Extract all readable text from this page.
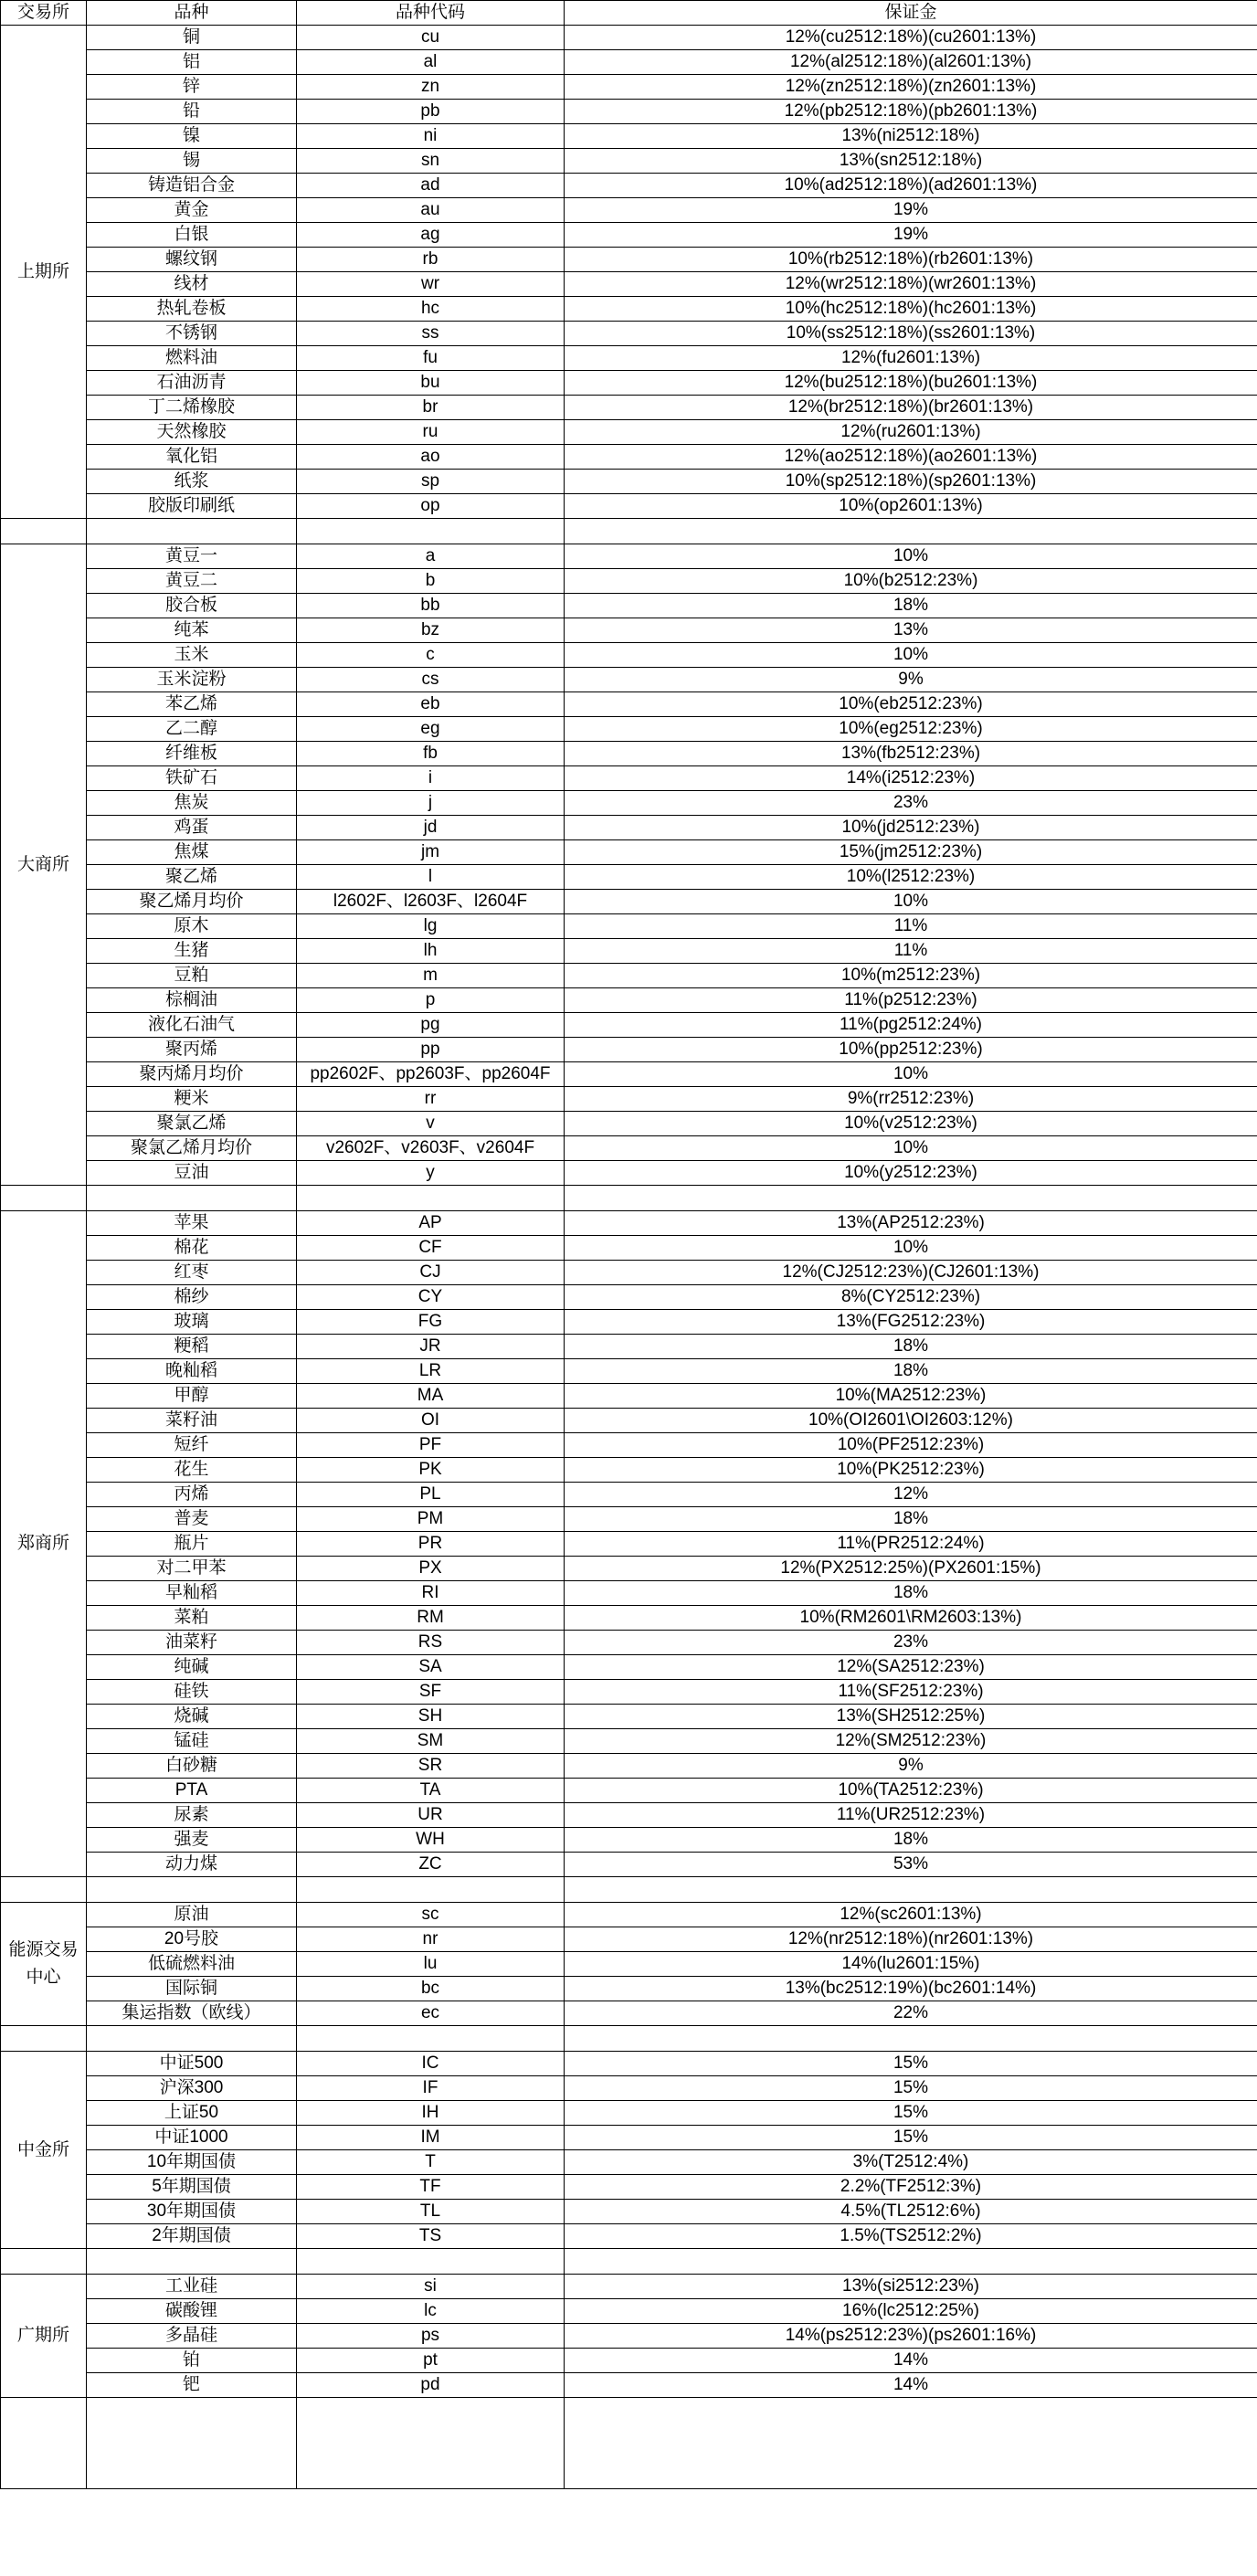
交易所	品种	品种代码	保证金
上期所	铜	cu	12%(cu2512:18%)(cu2601:13%)
	铝	al	12%(al2512:18%)(al2601:13%)
	锌	zn	12%(zn2512:18%)(zn2601:13%)
	铅	pb	12%(pb2512:18%)(pb2601:13%)
	镍	ni	13%(ni2512:18%)
	锡	sn	13%(sn2512:18%)
	铸造铝合金	ad	10%(ad2512:18%)(ad2601:13%)
	黄金	au	19%
	白银	ag	19%
	螺纹钢	rb	10%(rb2512:18%)(rb2601:13%)
	线材	wr	12%(wr2512:18%)(wr2601:13%)
	热轧卷板	hc	10%(hc2512:18%)(hc2601:13%)
	不锈钢	ss	10%(ss2512:18%)(ss2601:13%)
	燃料油	fu	12%(fu2601:13%)
	石油沥青	bu	12%(bu2512:18%)(bu2601:13%)
	丁二烯橡胶	br	12%(br2512:18%)(br2601:13%)
	天然橡胶	ru	12%(ru2601:13%)
	氧化铝	ao	12%(ao2512:18%)(ao2601:13%)
	纸浆	sp	10%(sp2512:18%)(sp2601:13%)
	胶版印刷纸	op	10%(op2601:13%)

大商所	黄豆一	a	10%
	黄豆二	b	10%(b2512:23%)
	胶合板	bb	18%
	纯苯	bz	13%
	玉米	c	10%
	玉米淀粉	cs	9%
	苯乙烯	eb	10%(eb2512:23%)
	乙二醇	eg	10%(eg2512:23%)
	纤维板	fb	13%(fb2512:23%)
	铁矿石	i	14%(i2512:23%)
	焦炭	j	23%
	鸡蛋	jd	10%(jd2512:23%)
	焦煤	jm	15%(jm2512:23%)
	聚乙烯	l	10%(l2512:23%)
	聚乙烯月均价	l2602F、l2603F、l2604F	10%
	原木	lg	11%
	生猪	lh	11%
	豆粕	m	10%(m2512:23%)
	棕榈油	p	11%(p2512:23%)
	液化石油气	pg	11%(pg2512:24%)
	聚丙烯	pp	10%(pp2512:23%)
	聚丙烯月均价	pp2602F、pp2603F、pp2604F	10%
	粳米	rr	9%(rr2512:23%)
	聚氯乙烯	v	10%(v2512:23%)
	聚氯乙烯月均价	v2602F、v2603F、v2604F	10%
	豆油	y	10%(y2512:23%)

郑商所	苹果	AP	13%(AP2512:23%)
	棉花	CF	10%
	红枣	CJ	12%(CJ2512:23%)(CJ2601:13%)
	棉纱	CY	8%(CY2512:23%)
	玻璃	FG	13%(FG2512:23%)
	粳稻	JR	18%
	晚籼稻	LR	18%
	甲醇	MA	10%(MA2512:23%)
	菜籽油	OI	10%(OI2601\OI2603:12%)
	短纤	PF	10%(PF2512:23%)
	花生	PK	10%(PK2512:23%)
	丙烯	PL	12%
	普麦	PM	18%
	瓶片	PR	11%(PR2512:24%)
	对二甲苯	PX	12%(PX2512:25%)(PX2601:15%)
	早籼稻	RI	18%
	菜粕	RM	10%(RM2601\RM2603:13%)
	油菜籽	RS	23%
	纯碱	SA	12%(SA2512:23%)
	硅铁	SF	11%(SF2512:23%)
	烧碱	SH	13%(SH2512:25%)
	锰硅	SM	12%(SM2512:23%)
	白砂糖	SR	9%
	PTA	TA	10%(TA2512:23%)
	尿素	UR	11%(UR2512:23%)
	强麦	WH	18%
	动力煤	ZC	53%

能源交易中心	原油	sc	12%(sc2601:13%)
	20号胶	nr	12%(nr2512:18%)(nr2601:13%)
	低硫燃料油	lu	14%(lu2601:15%)
	国际铜	bc	13%(bc2512:19%)(bc2601:14%)
	集运指数（欧线）	ec	22%

中金所	中证500	IC	15%
	沪深300	IF	15%
	上证50	IH	15%
	中证1000	IM	15%
	10年期国债	T	3%(T2512:4%)
	5年期国债	TF	2.2%(TF2512:3%)
	30年期国债	TL	4.5%(TL2512:6%)
	2年期国债	TS	1.5%(TS2512:2%)

广期所	工业硅	si	13%(si2512:23%)
	碳酸锂	lc	16%(lc2512:25%)
	多晶硅	ps	14%(ps2512:23%)(ps2601:16%)
	铂	pt	14%
	钯	pd	14%
